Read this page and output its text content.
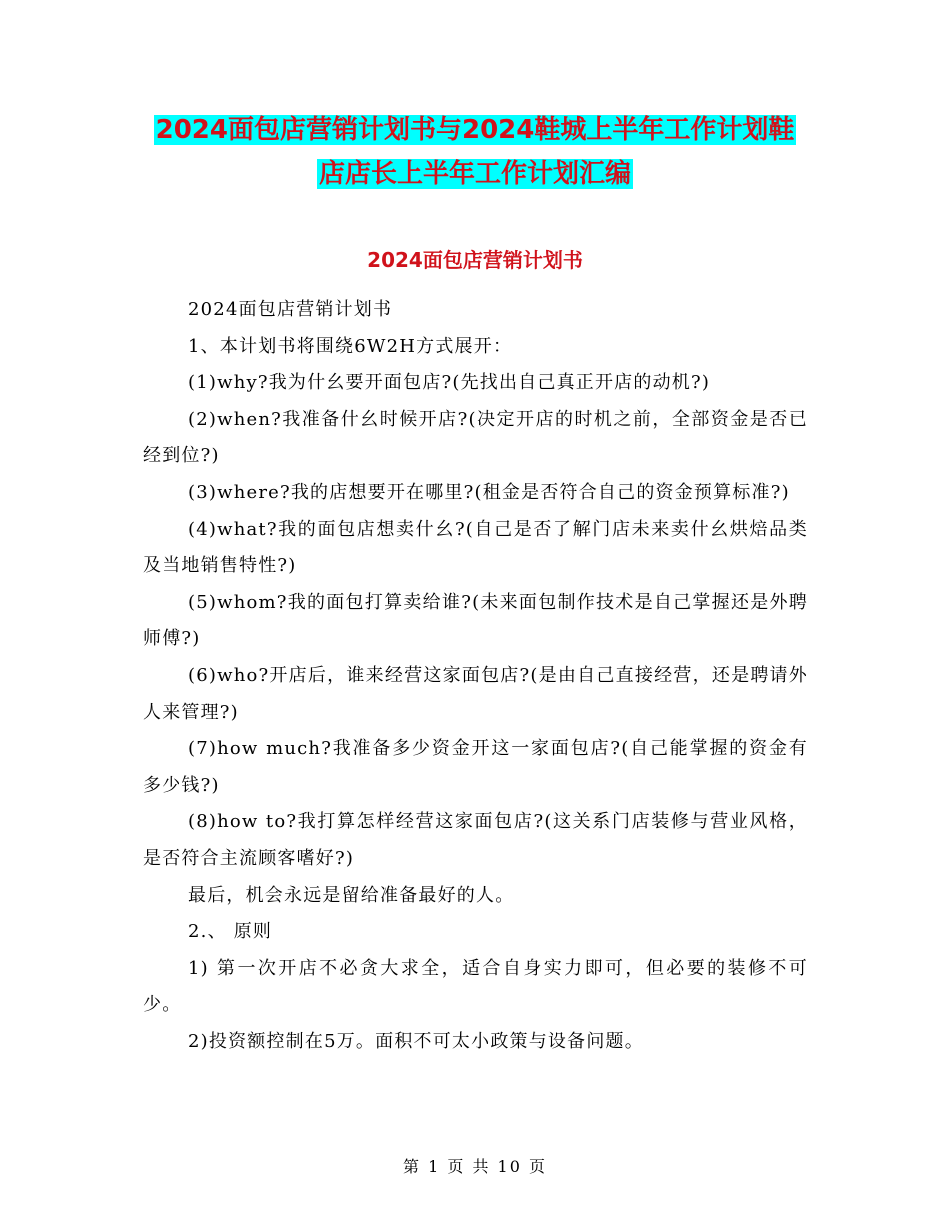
2024面包店营销计划书与2024鞋城上半年工作计划鞋
店店长上半年工作计划汇编
2024面包店营销计划书

2024面包店营销计划书

1、本计划书将围绕6W2H方式展开：

(1)why?我为什幺要开面包店?(先找出自己真正开店的动机?)

(2)when?我准备什幺时候开店?(决定开店的时机之前，全部资金是否已经到位?)

(3)where?我的店想要开在哪里?(租金是否符合自己的资金预算标准?)

(4)what?我的面包店想卖什幺?(自己是否了解门店未来卖什幺烘焙品类及当地销售特性?)

(5)whom?我的面包打算卖给谁?(未来面包制作技术是自己掌握还是外聘师傅?)

(6)who?开店后，谁来经营这家面包店?(是由自己直接经营，还是聘请外人来管理?)

(7)how much?我准备多少资金开这一家面包店?(自己能掌握的资金有多少钱?)

(8)how to?我打算怎样经营这家面包店?(这关系门店装修与营业风格，是否符合主流顾客嗜好?)

最后，机会永远是留给准备最好的人。

2.、 原则

1) 第一次开店不必贪大求全，适合自身实力即可，但必要的装修不可少。

2)投资额控制在5万。面积不可太小政策与设备问题。

第 1 页 共 10 页
